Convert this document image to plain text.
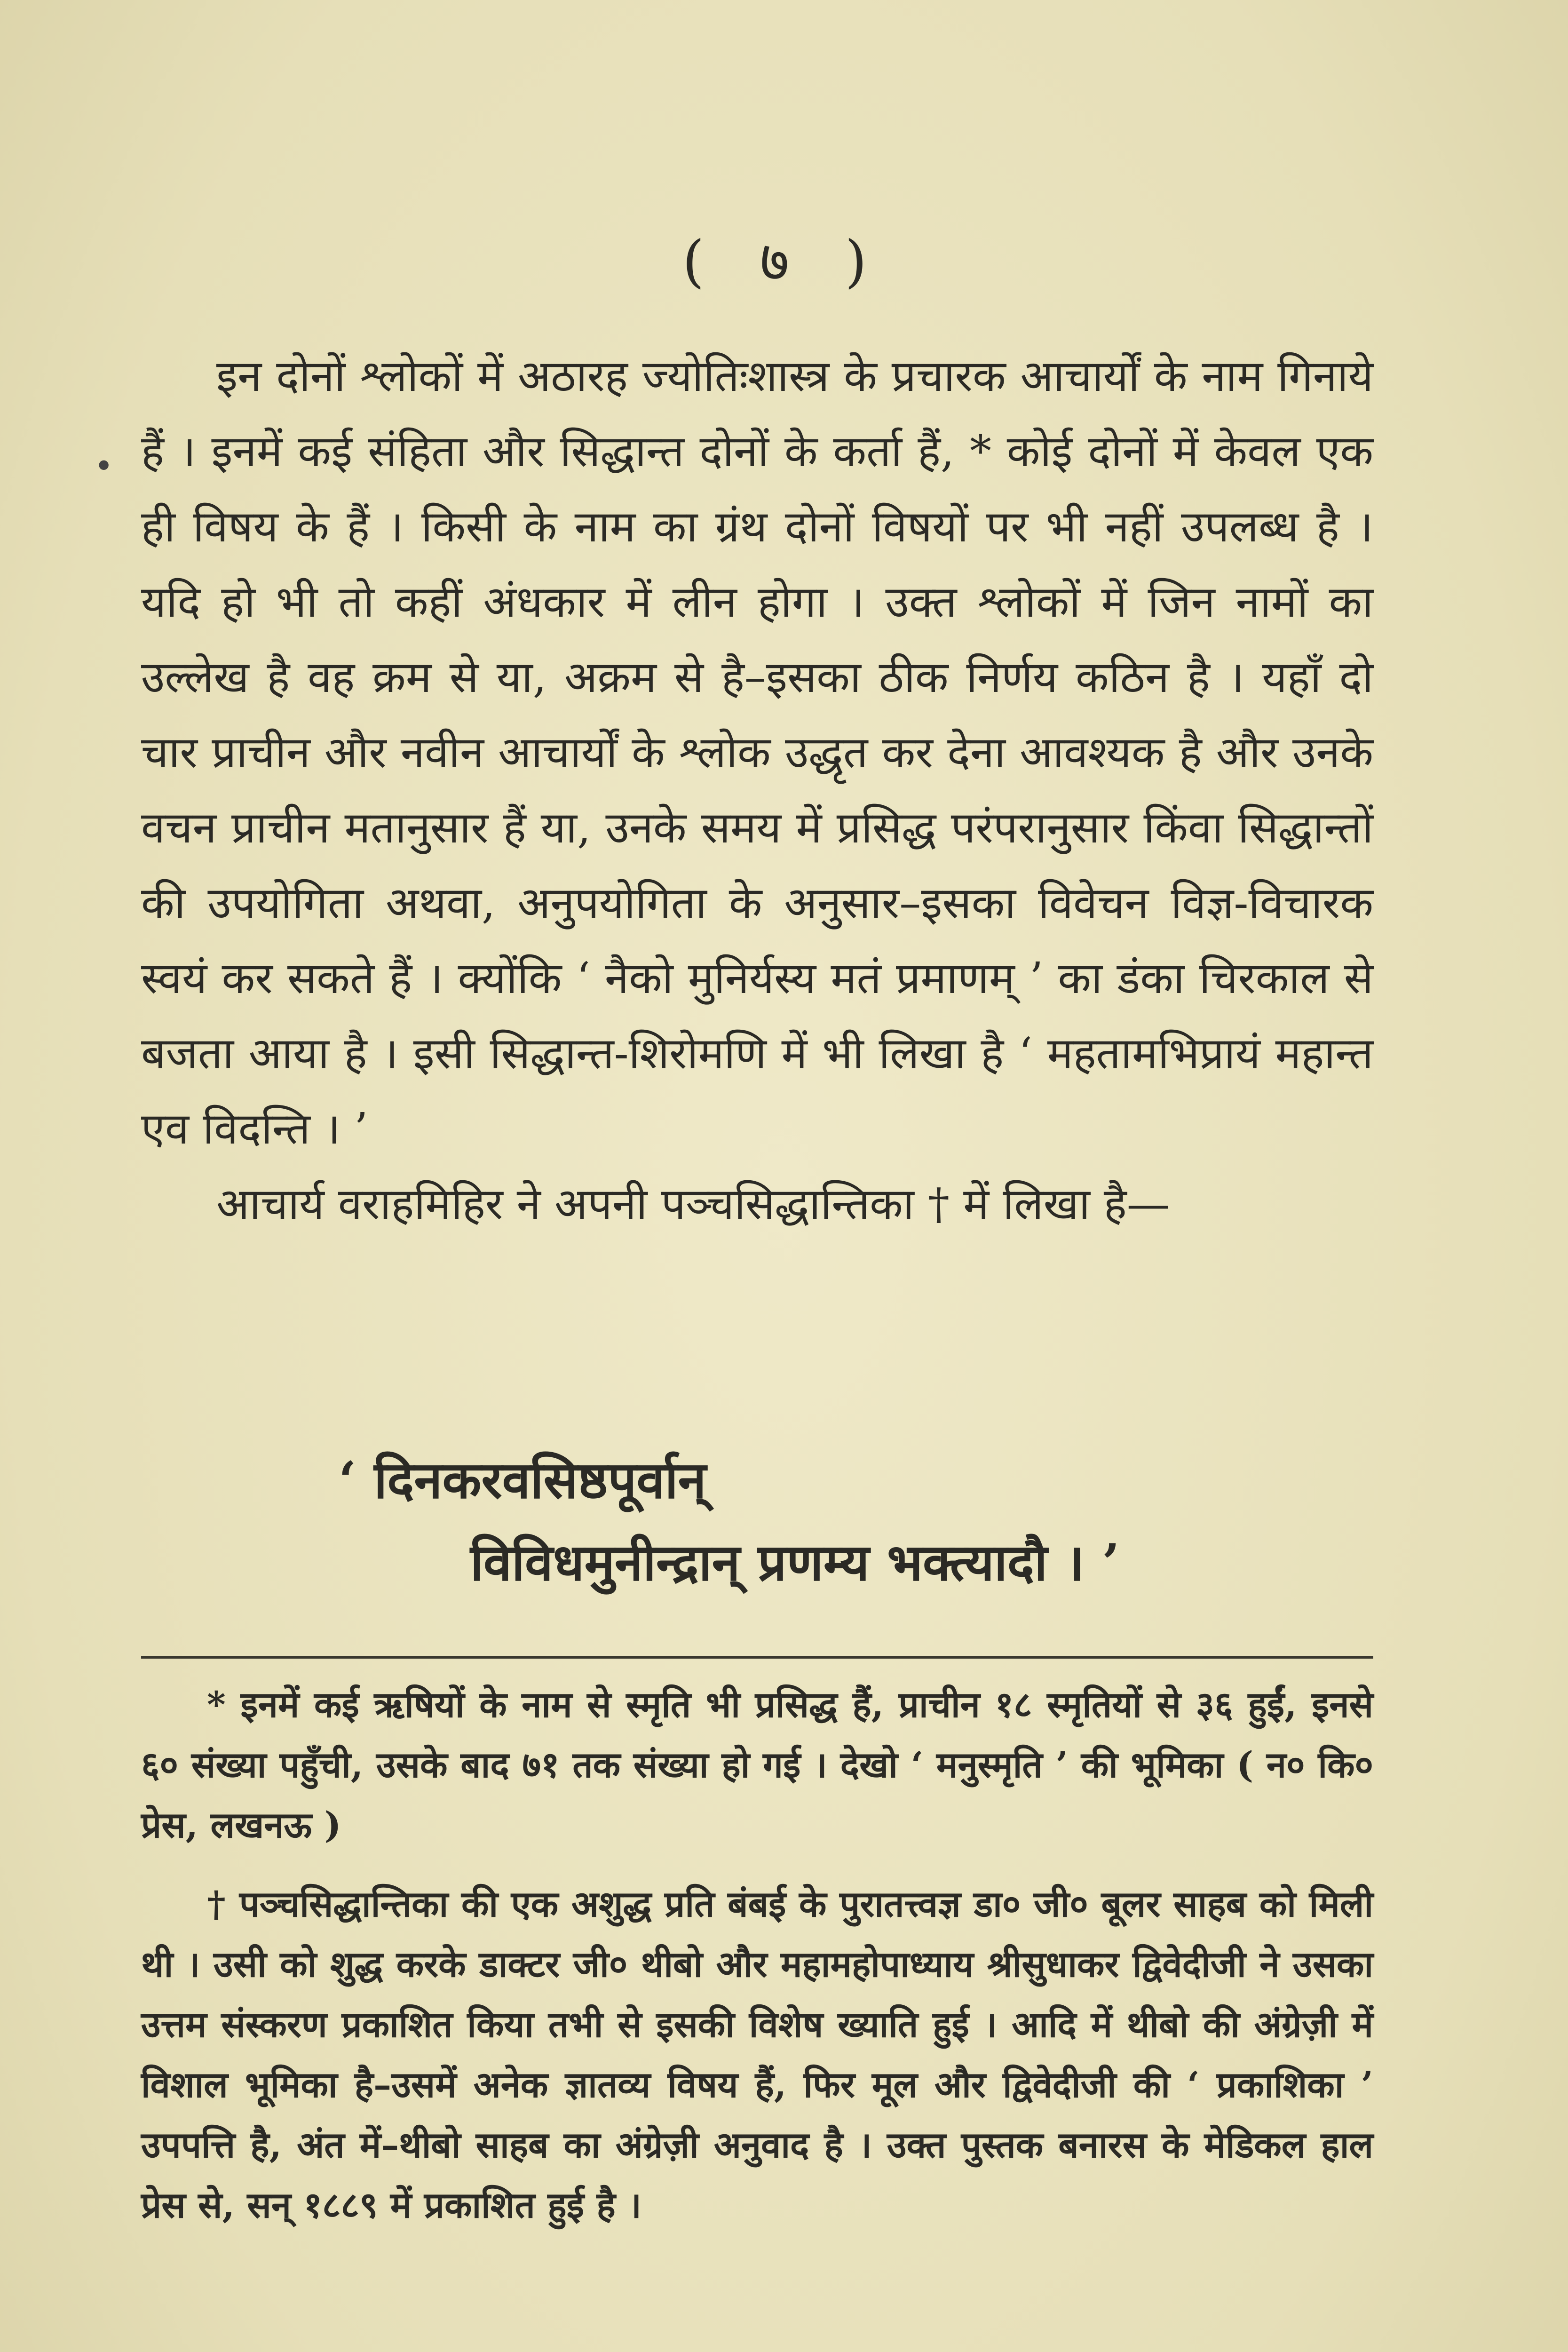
( ७ )
•

इन दोनों श्लोकों में अठारह ज्योतिःशास्त्र के प्रचारक आचार्यों के नाम गिनाये हैं । इनमें कई संहिता और सिद्धान्त दोनों के कर्ता हैं, * कोई दोनों में केवल एक ही विषय के हैं । किसी के नाम का ग्रंथ दोनों विषयों पर भी नहीं उपलब्ध है । यदि हो भी तो कहीं अंधकार में लीन होगा । उक्त श्लोकों में जिन नामों का उल्लेख है वह क्रम से या, अक्रम से है–इसका ठीक निर्णय कठिन है । यहाँ दो चार प्राचीन और नवीन आचार्यों के श्लोक उद्धृत कर देना आवश्यक है और उनके वचन प्राचीन मतानुसार हैं या, उनके समय में प्रसिद्ध परंपरानुसार किंवा सिद्धान्तों की उपयोगिता अथवा, अनुपयोगिता के अनुसार–इसका विवेचन विज्ञ-विचारक स्वयं कर सकते हैं । क्योंकि ‘ नैको मुनिर्यस्य मतं प्रमाणम् ’ का डंका चिरकाल से बजता आया है । इसी सिद्धान्त-शिरोमणि में भी लिखा है ‘ महतामभिप्रायं महान्त एव विदन्ति । ’

आचार्य वराहमिहिर ने अपनी पञ्चसिद्धान्तिका † में लिखा है—

‘ दिनकरवसिष्ठपूर्वान्
विविधमुनीन्द्रान् प्रणम्य भक्त्यादौ । ’

* इनमें कई ऋषियों के नाम से स्मृति भी प्रसिद्ध हैं, प्राचीन १८ स्मृतियों से ३६ हुईं, इनसे ६० संख्या पहुँची, उसके बाद ७१ तक संख्या हो गई । देखो ‘ मनुस्मृति ’ की भूमिका ( न० कि० प्रेस, लखनऊ )

† पञ्चसिद्धान्तिका की एक अशुद्ध प्रति बंबई के पुरातत्त्वज्ञ डा० जी० बूलर साहब को मिली थी । उसी को शुद्ध करके डाक्टर जी० थीबो और महामहोपाध्याय श्रीसुधाकर द्विवेदीजी ने उसका उत्तम संस्करण प्रकाशित किया तभी से इसकी विशेष ख्याति हुई । आदि में थीबो की अंग्रेज़ी में विशाल भूमिका है–उसमें अनेक ज्ञातव्य विषय हैं, फिर मूल और द्विवेदीजी की ‘ प्रकाशिका ’ उपपत्ति है, अंत में–थीबो साहब का अंग्रेज़ी अनुवाद है । उक्त पुस्तक बनारस के मेडिकल हाल प्रेस से, सन् १८८९ में प्रकाशित हुई है ।
